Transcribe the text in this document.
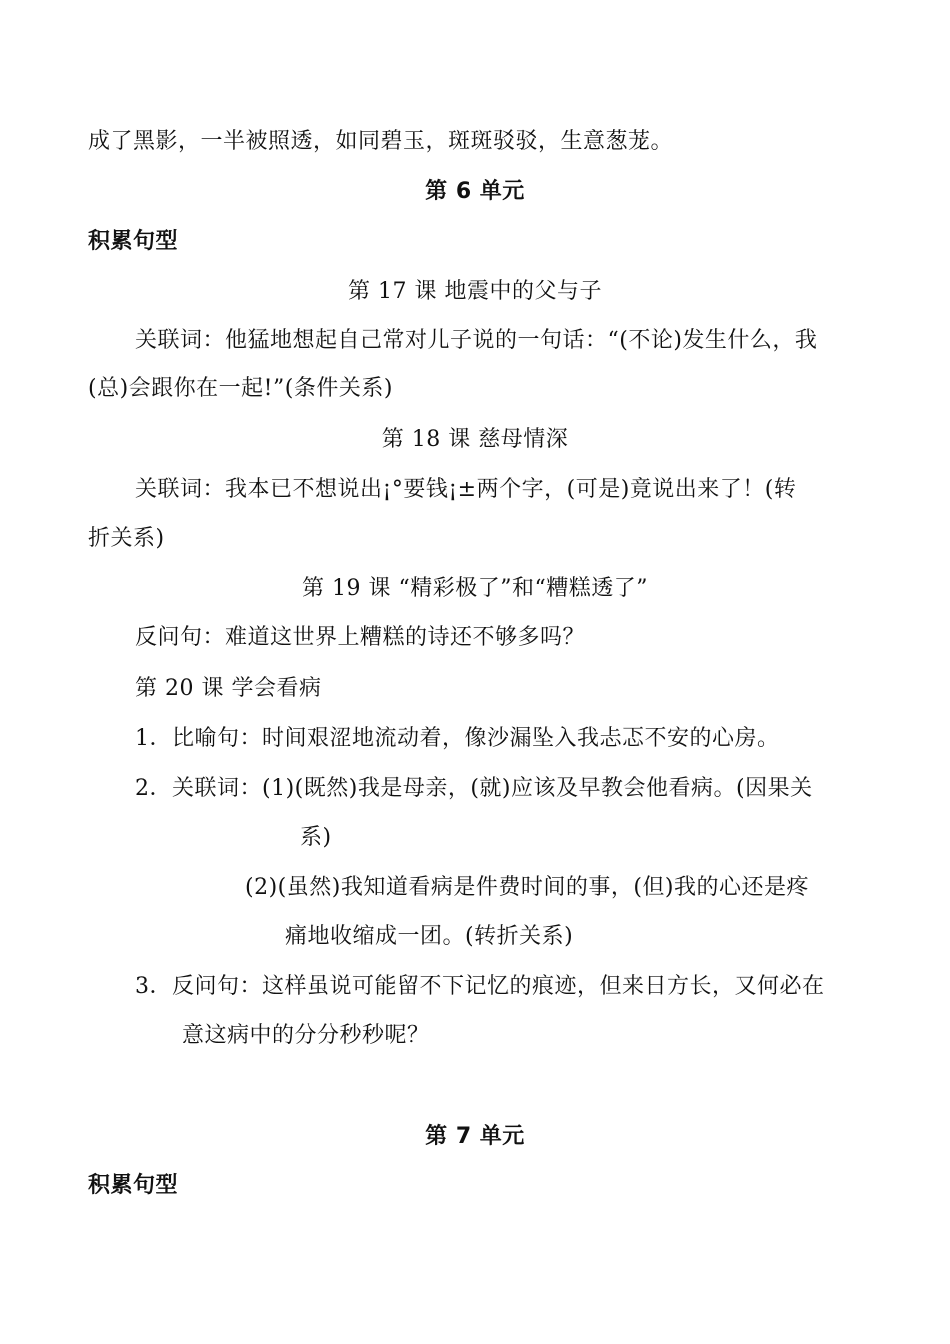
成了黑影，一半被照透，如同碧玉，斑斑驳驳，生意葱茏。
第 6 单元
积累句型
第 17 课 地震中的父与子
关联词：他猛地想起自己常对儿子说的一句话：“(不论)发生什么，我
(总)会跟你在一起!”(条件关系)
第 18 课 慈母情深
关联词：我本已不想说出¡°要钱¡±两个字，(可是)竟说出来了！(转
折关系)
第 19 课 “精彩极了”和“糟糕透了”
反问句：难道这世界上糟糕的诗还不够多吗？
第 20 课 学会看病
1．比喻句：时间艰涩地流动着，像沙漏坠入我忐忑不安的心房。
2．关联词：(1)(既然)我是母亲，(就)应该及早教会他看病。(因果关
系)
(2)(虽然)我知道看病是件费时间的事，(但)我的心还是疼
痛地收缩成一团。(转折关系)
3．反问句：这样虽说可能留不下记忆的痕迹，但来日方长，又何必在
意这病中的分分秒秒呢？
第 7 单元
积累句型
